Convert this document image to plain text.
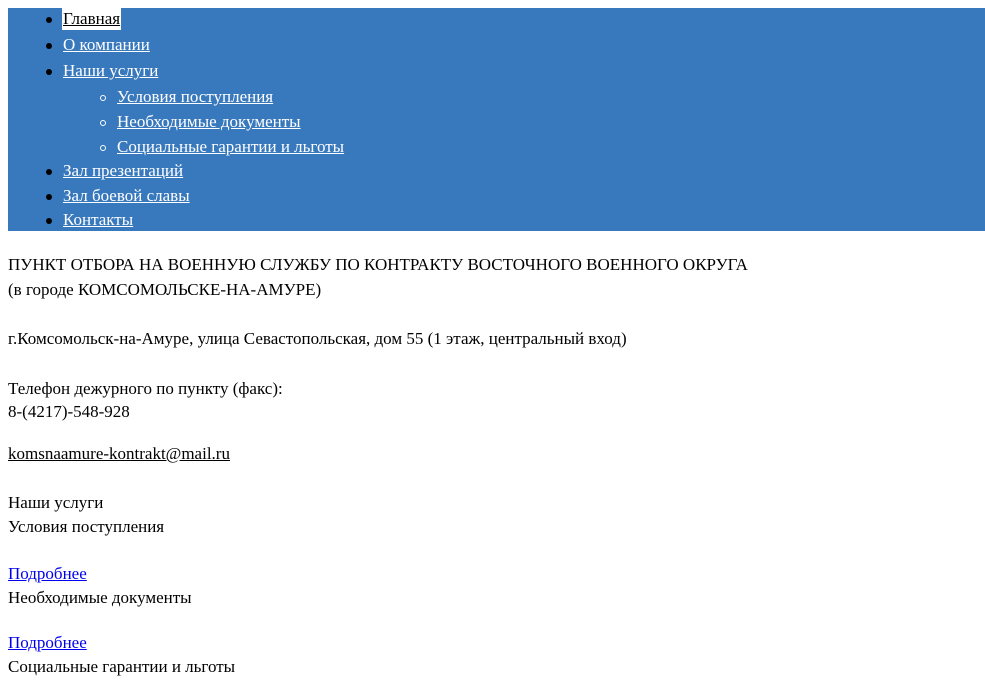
Главная
О компании
Наши услуги
Условия поступления
Необходимые документы
Социальные гарантии и льготы
Зал презентаций
Зал боевой славы
Контакты

ПУНКТ ОТБОРА НА ВОЕННУЮ СЛУЖБУ ПО КОНТРАКТУ ВОСТОЧНОГО ВОЕННОГО ОКРУГА

(в городе КОМСОМОЛЬСКЕ-НА-АМУРЕ)

г.Комсомольск-на-Амуре, улица Севастопольская, дом 55 (1 этаж, центральный вход)

Телефон дежурного по пункту (факс):

8-(4217)-548-928

komsnaamure-kontrakt@mail.ru

Наши услуги

Условия поступления

Подробнее

Необходимые документы

Подробнее

Социальные гарантии и льготы
